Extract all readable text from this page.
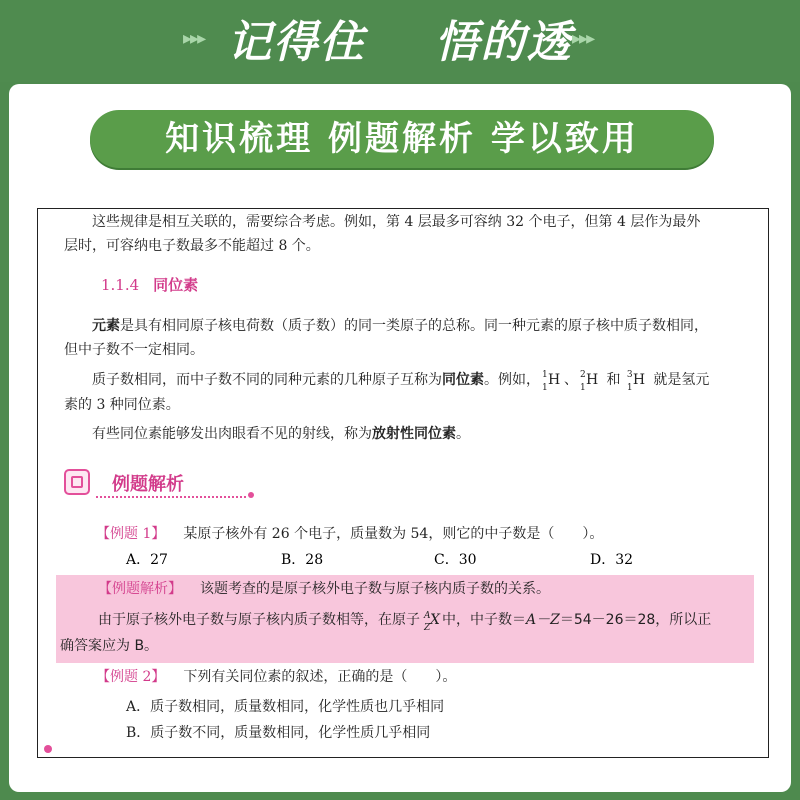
▸▸▸ 记得住 悟的透 ▸▸▸
知识梳理 例题解析 学以致用
这些规律是相互关联的，需要综合考虑。例如，第 4 层最多可容纳 32 个电子，但第 4 层作为最外
层时，可容纳电子数最多不能超过 8 个。
1.1.4 同位素
元素是具有相同原子核电荷数（质子数）的同一类原子的总称。同一种元素的原子核中质子数相同，
但中子数不一定相同。
质子数相同，而中子数不同的同种元素的几种原子互称为同位素。例如， 1
1 H 、 2
1 H 和 3
1 H 就是氢元
素的 3 种同位素。
有些同位素能够发出肉眼看不见的射线，称为放射性同位素。
例题解析
【例题 1】 某原子核外有 26 个电子，质量数为 54，则它的中子数是（　　）。
A．27	B．28	C．30	D．32
【例题解析】 该题考查的是原子核外电子数与原子核内质子数的关系。
由于原子核外电子数与原子核内质子数相等，在原子 A
Z X 中，中子数＝A－Z＝54－26＝28，所以正
确答案应为 B。
【例题 2】 下列有关同位素的叙述，正确的是（　　）。
A．质子数相同，质量数相同，化学性质也几乎相同
B．质子数不同，质量数相同，化学性质几乎相同
